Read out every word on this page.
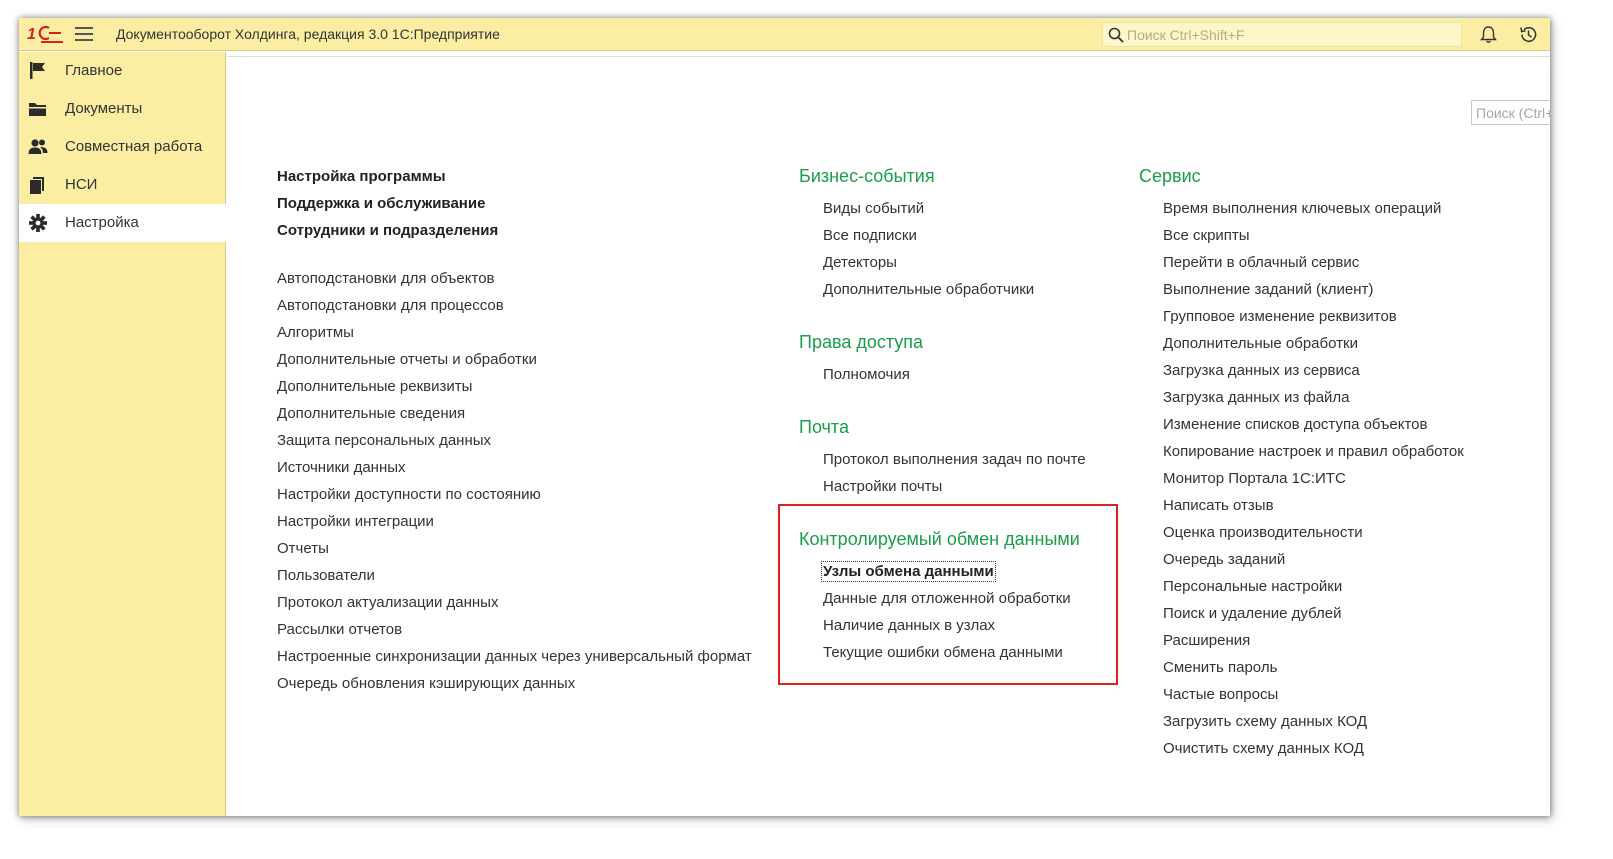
1	Документооборот Холдинга, редакция 3.0 1С:Предприятие
Поиск Ctrl+Shift+F
Главное
Документы
Совместная работа
НСИ
Настройка
Поиск (Ctrl+F)
Настройка программы
Поддержка и обслуживание
Сотрудники и подразделения
Автоподстановки для объектов
Автоподстановки для процессов
Алгоритмы
Дополнительные отчеты и обработки
Дополнительные реквизиты
Дополнительные сведения
Защита персональных данных
Источники данных
Настройки доступности по состоянию
Настройки интеграции
Отчеты
Пользователи
Протокол актуализации данных
Рассылки отчетов
Настроенные синхронизации данных через универсальный формат
Очередь обновления кэширующих данных
Бизнес-события
Виды событий
Все подписки
Детекторы
Дополнительные обработчики
Права доступа
Полномочия
Почта
Протокол выполнения задач по почте
Настройки почты
Контролируемый обмен данными
Узлы обмена данными
Данные для отложенной обработки
Наличие данных в узлах
Текущие ошибки обмена данными
Сервис
Время выполнения ключевых операций
Все скрипты
Перейти в облачный сервис
Выполнение заданий (клиент)
Групповое изменение реквизитов
Дополнительные обработки
Загрузка данных из сервиса
Загрузка данных из файла
Изменение списков доступа объектов
Копирование настроек и правил обработок
Монитор Портала 1С:ИТС
Написать отзыв
Оценка производительности
Очередь заданий
Персональные настройки
Поиск и удаление дублей
Расширения
Сменить пароль
Частые вопросы
Загрузить схему данных КОД
Очистить схему данных КОД
